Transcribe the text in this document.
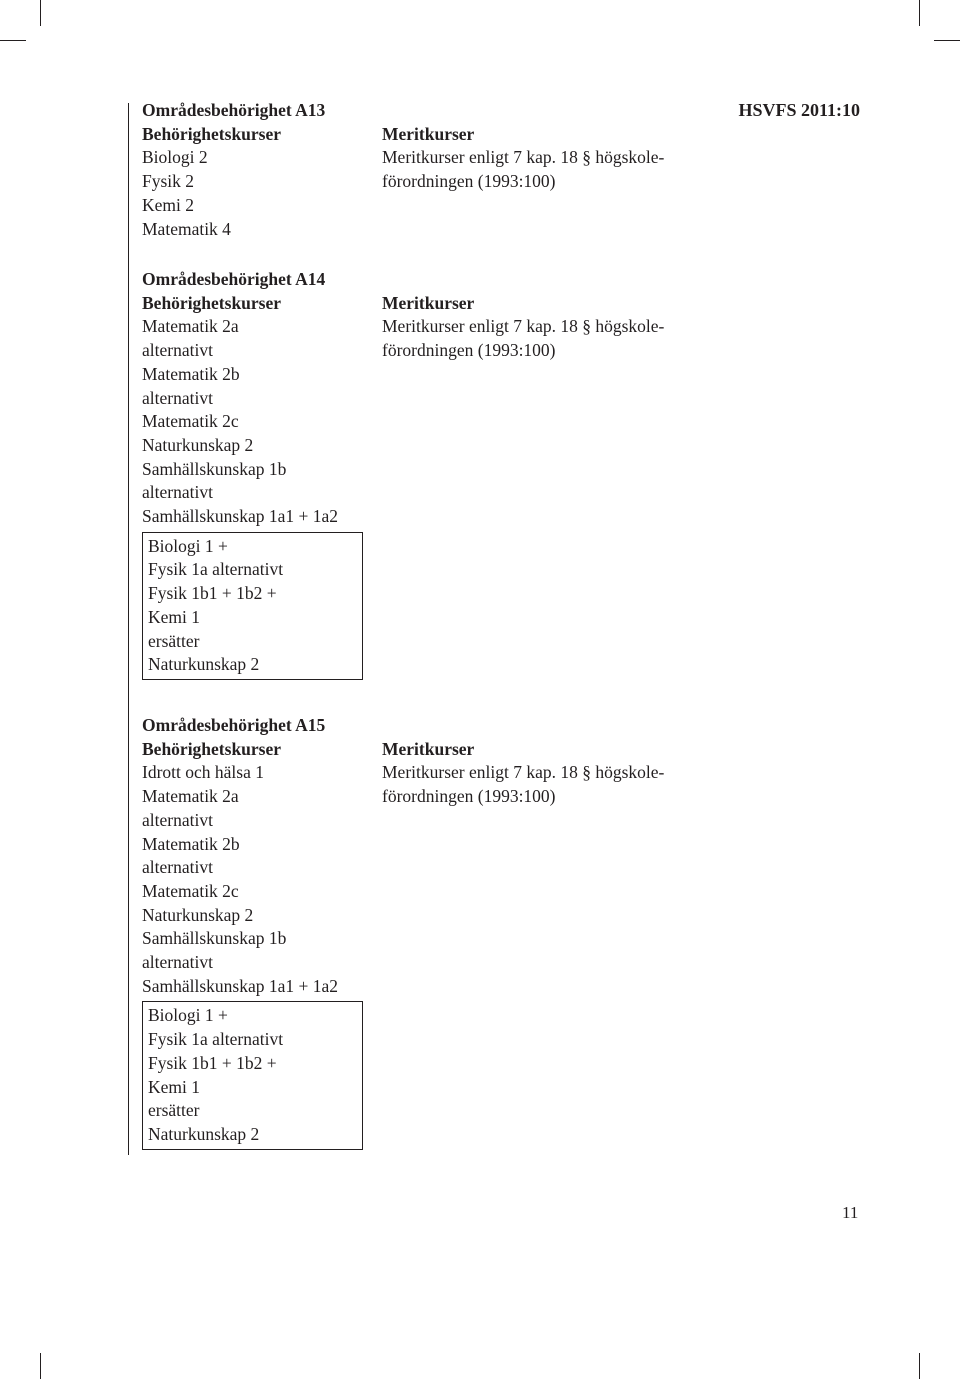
HSVFS 2011:10
Områdesbehörighet A13
Behörighetskurser
Biologi 2
Fysik 2
Kemi 2
Matematik 4
Meritkurser
Meritkurser enligt 7 kap. 18 § högskole-
förordningen (1993:100)
Områdesbehörighet A14
Behörighetskurser
Matematik 2a
alternativt
Matematik 2b
alternativt
Matematik 2c
Naturkunskap 2
Samhällskunskap 1b
alternativt
Samhällskunskap 1a1 + 1a2
Biologi 1 +
Fysik 1a alternativt
Fysik 1b1 + 1b2 +
Kemi 1
ersätter
Naturkunskap 2
Meritkurser
Meritkurser enligt 7 kap. 18 § högskole-
förordningen (1993:100)
Områdesbehörighet A15
Behörighetskurser
Idrott och hälsa 1
Matematik 2a
alternativt
Matematik 2b
alternativt
Matematik 2c
Naturkunskap 2
Samhällskunskap 1b
alternativt
Samhällskunskap 1a1 + 1a2
Biologi 1 +
Fysik 1a alternativt
Fysik 1b1 + 1b2 +
Kemi 1
ersätter
Naturkunskap 2
Meritkurser
Meritkurser enligt 7 kap. 18 § högskole-
förordningen (1993:100)
11
